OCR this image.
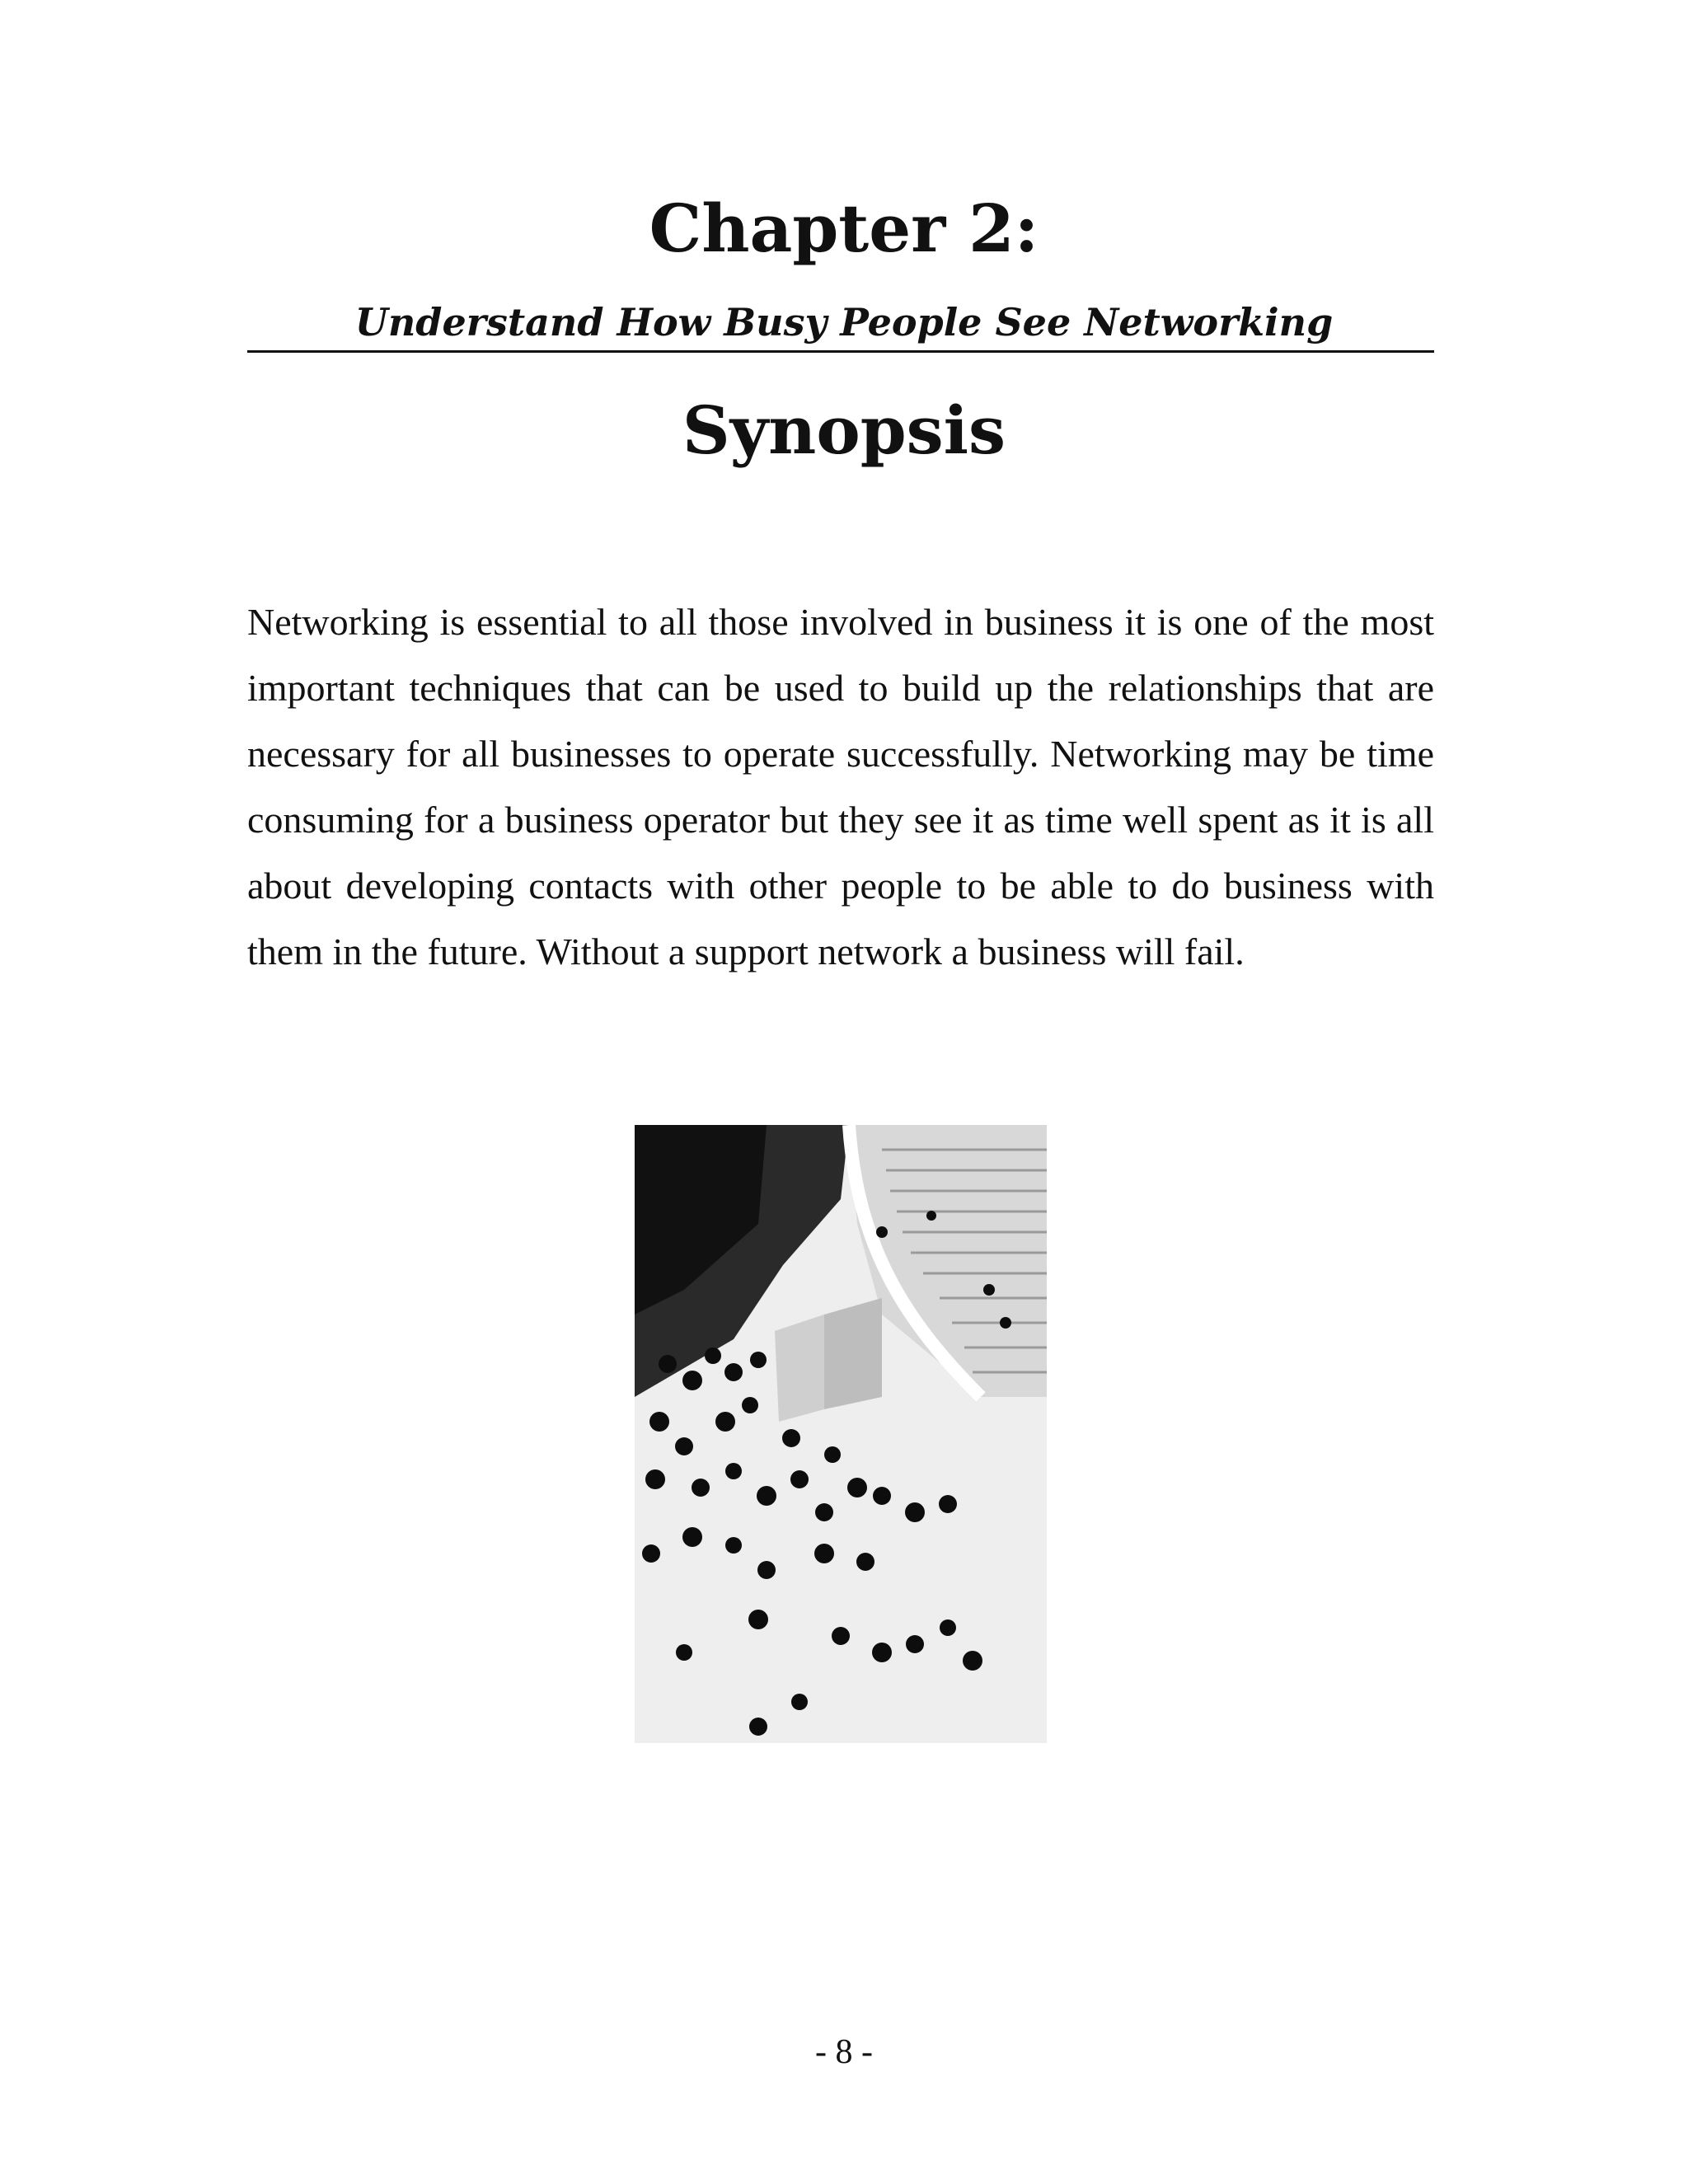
Chapter 2:
Understand How Busy People See Networking
Synopsis

Networking is essential to all those involved in business it is one of the most important techniques that can be used to build up the relationships that are necessary for all businesses to operate successfully. Networking may be time consuming for a business operator but they see it as time well spent as it is all about developing contacts with other people to be able to do business with them in the future. Without a support network a business will fail.

- 8 -
